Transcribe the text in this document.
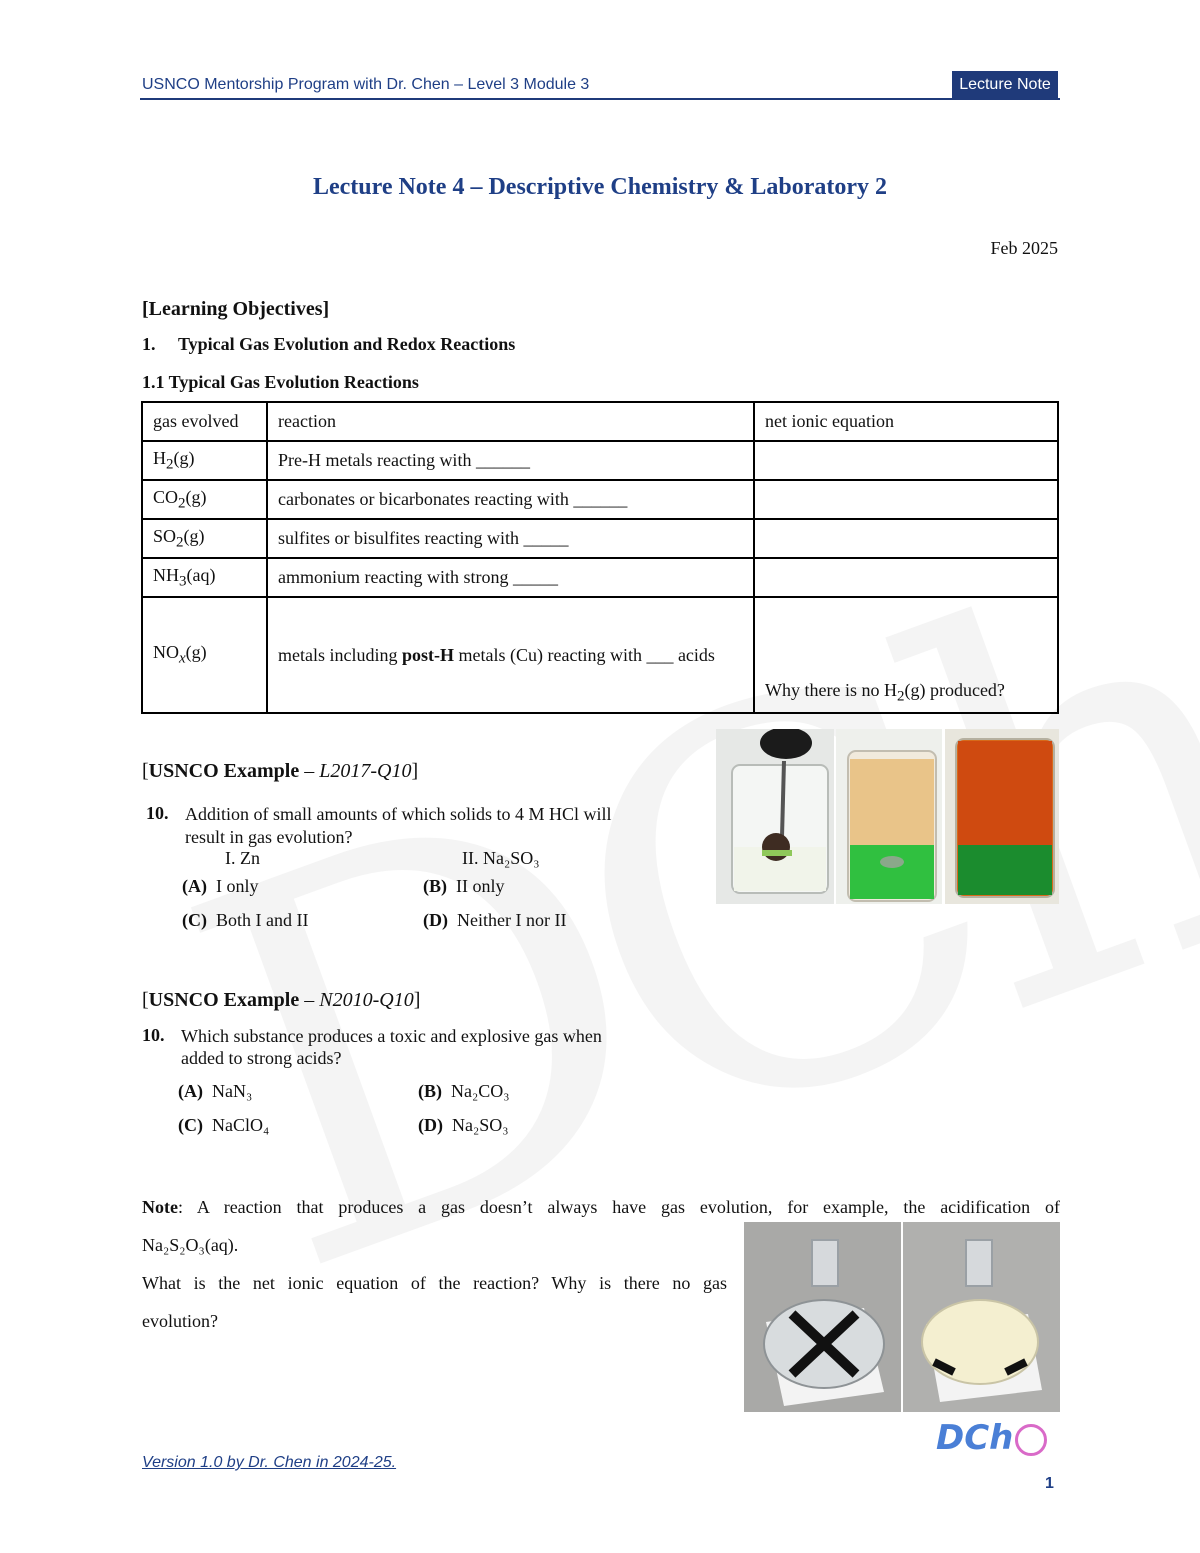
USNCO Mentorship Program with Dr. Chen – Level 3 Module 3	Lecture Note
Lecture Note 4 – Descriptive Chemistry & Laboratory 2
Feb 2025
[Learning Objectives]
1. Typical Gas Evolution and Redox Reactions
1.1 Typical Gas Evolution Reactions
gas evolved	reaction	net ionic equation
$H_2(g)$	Pre-H metals reacting with ______	
$CO_2(g)$	carbonates or bicarbonates reacting with ______	
$SO_2(g)$	sulfites or bisulfites reacting with _____	
$NH_3(aq)$	ammonium reacting with strong _____	
$NO_x(g)$	metals including post-H metals (Cu) reacting with ___ acids	Why there is no $H_2(g)$ produced?
[USNCO Example – L2017-Q10]
10. Addition of small amounts of which solids to 4 M HCl will result in gas evolution?
I. Zn	II. Na₂SO₃
(A) I only	(B) II only
(C) Both I and II	(D) Neither I nor II
[USNCO Example – N2010-Q10]
10. Which substance produces a toxic and explosive gas when added to strong acids?
(A) NaN₃	(B) Na₂CO₃
(C) NaClO₄	(D) Na₂SO₃
Note: A reaction that produces a gas doesn’t always have gas evolution, for example, the acidification of
Na₂S₂O₃(aq).
What is the net ionic equation of the reaction? Why is there no gas
evolution?
Version 1.0 by Dr. Chen in 2024-25.
DCh
1
